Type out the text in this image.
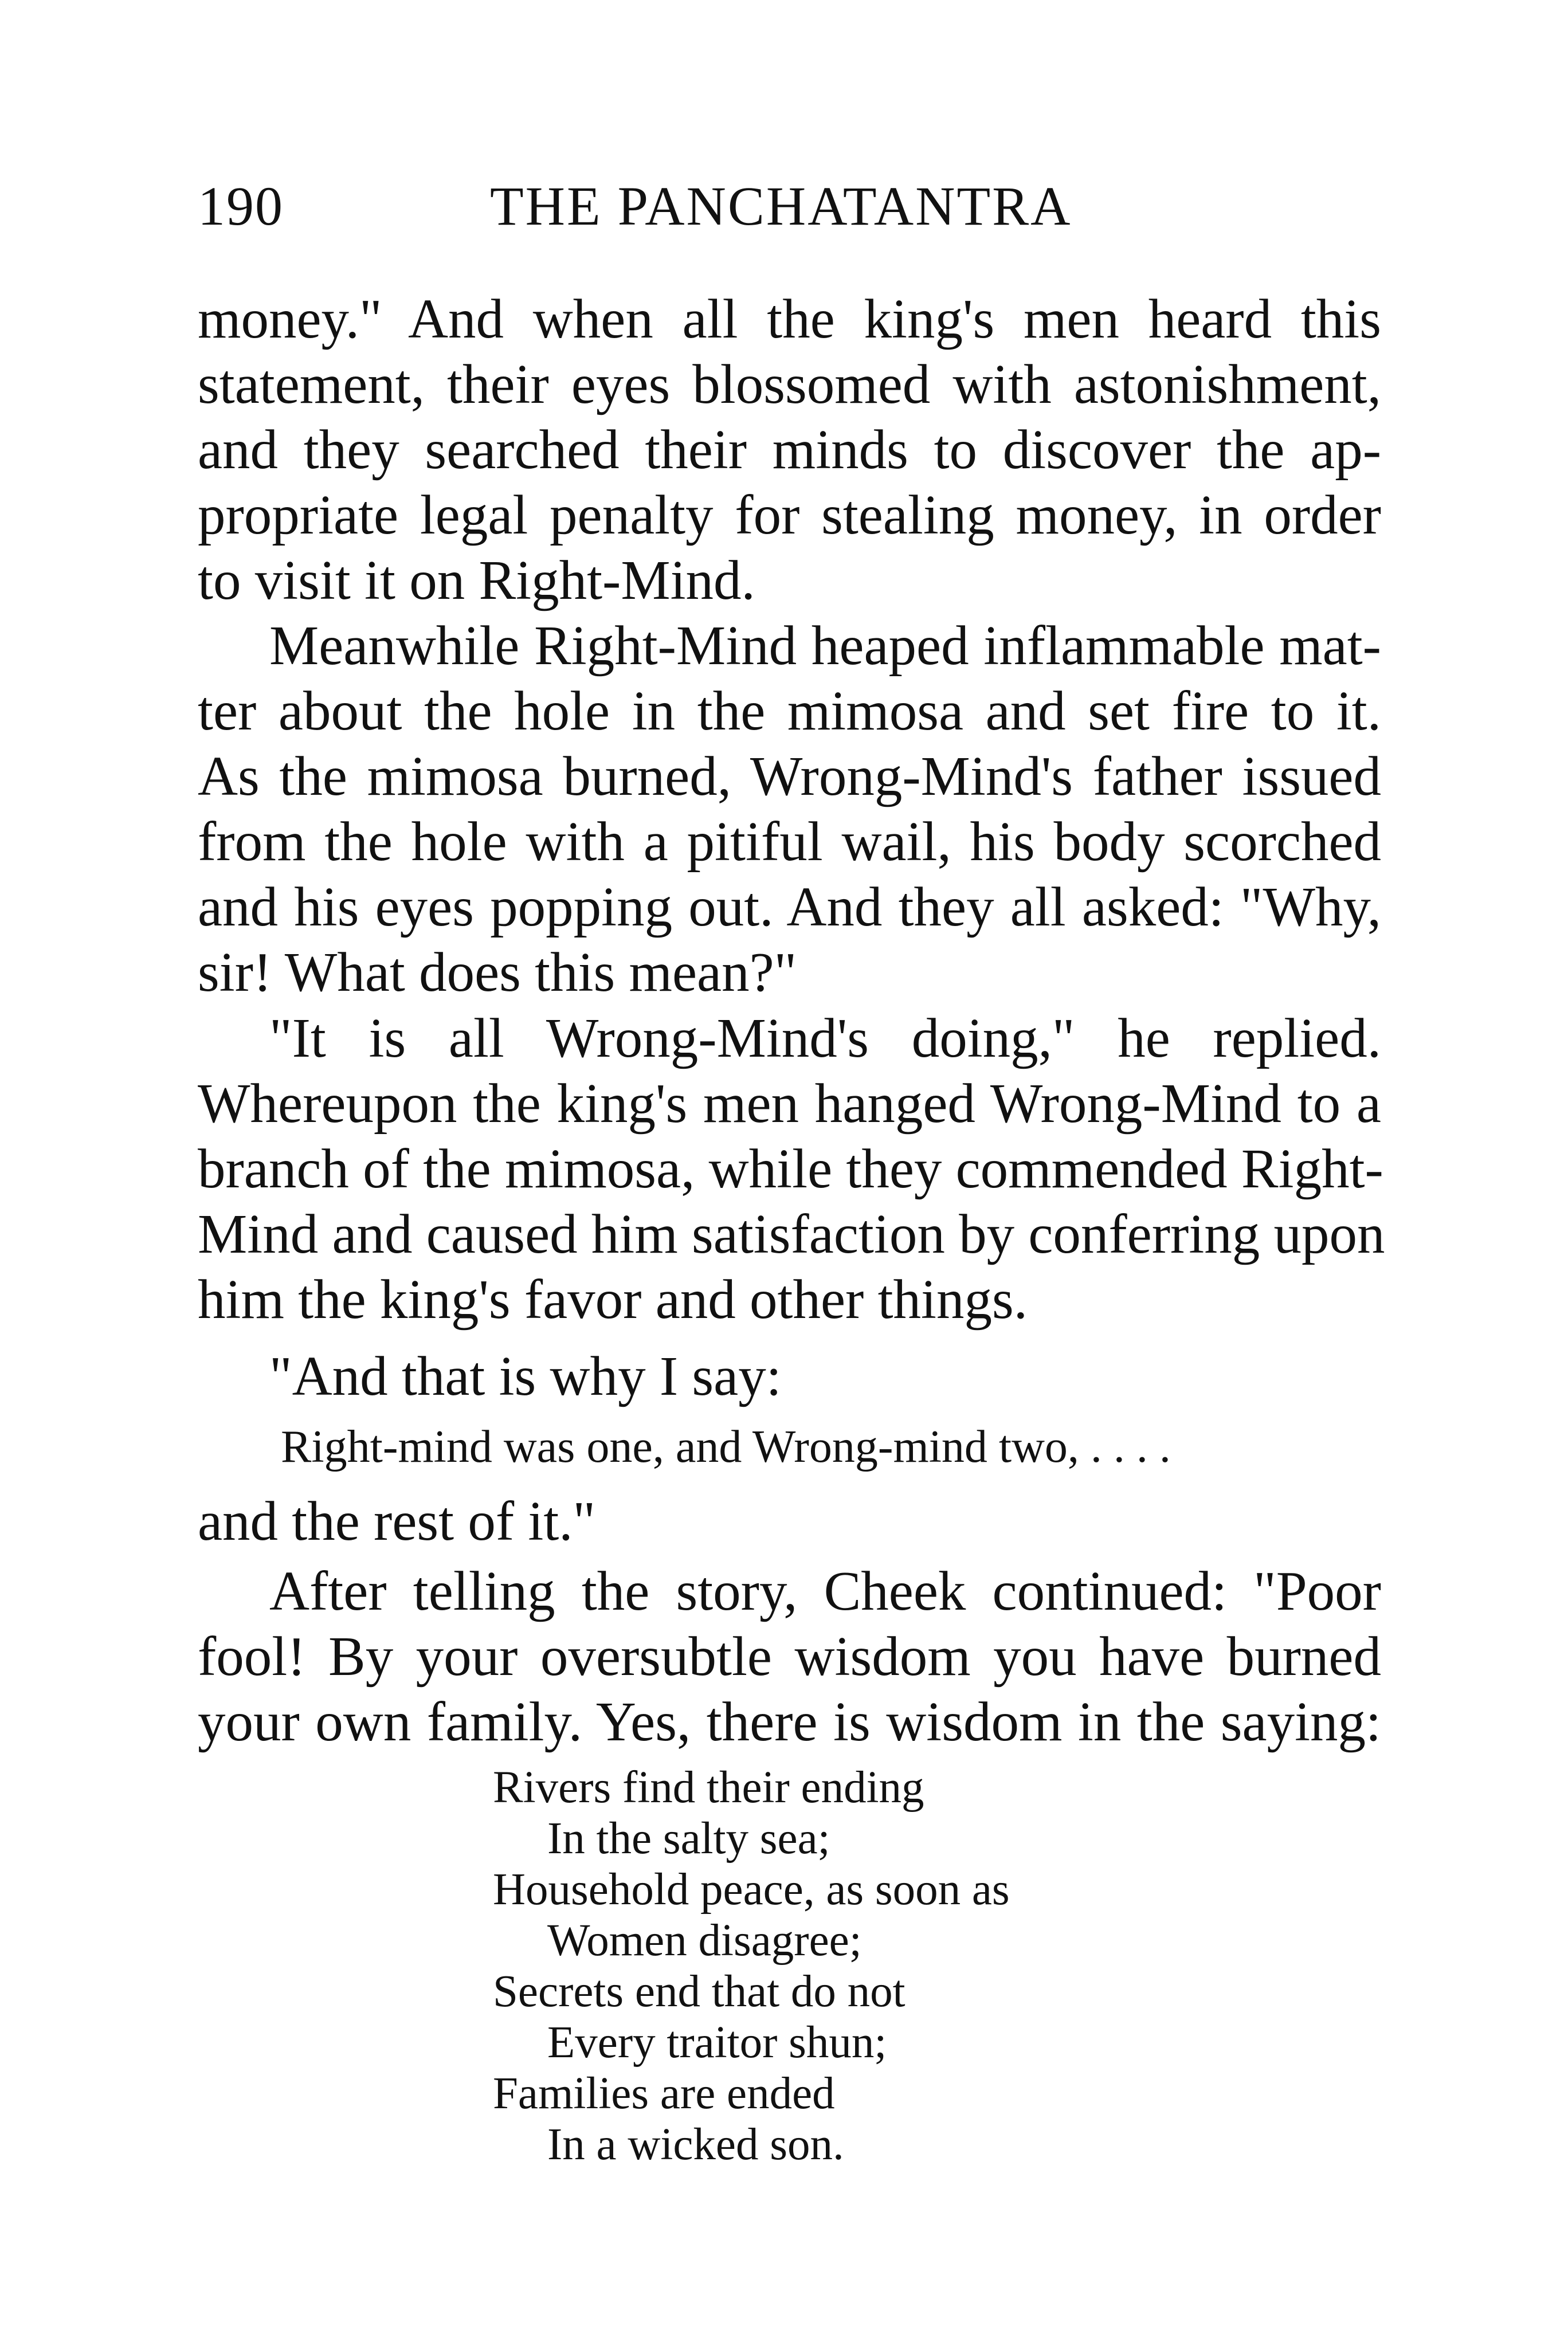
190	THE PANCHATANTRA
money." And when all the king's men heard this
statement, their eyes blossomed with astonishment,
and they searched their minds to discover the ap-
propriate legal penalty for stealing money, in order
to visit it on Right-Mind.
Meanwhile Right-Mind heaped inflammable mat-
ter about the hole in the mimosa and set fire to it.
As the mimosa burned, Wrong-Mind's father issued
from the hole with a pitiful wail, his body scorched
and his eyes popping out. And they all asked: "Why,
sir! What does this mean?"
"It is all Wrong-Mind's doing," he replied.
Whereupon the king's men hanged Wrong-Mind to a
branch of the mimosa, while they commended Right-
Mind and caused him satisfaction by conferring upon
him the king's favor and other things.
"And that is why I say:
Right-mind was one, and Wrong-mind two, . . . .
and the rest of it."
After telling the story, Cheek continued: "Poor
fool! By your oversubtle wisdom you have burned
your own family. Yes, there is wisdom in the saying:
Rivers find their ending
In the salty sea;
Household peace, as soon as
Women disagree;
Secrets end that do not
Every traitor shun;
Families are ended
In a wicked son.
